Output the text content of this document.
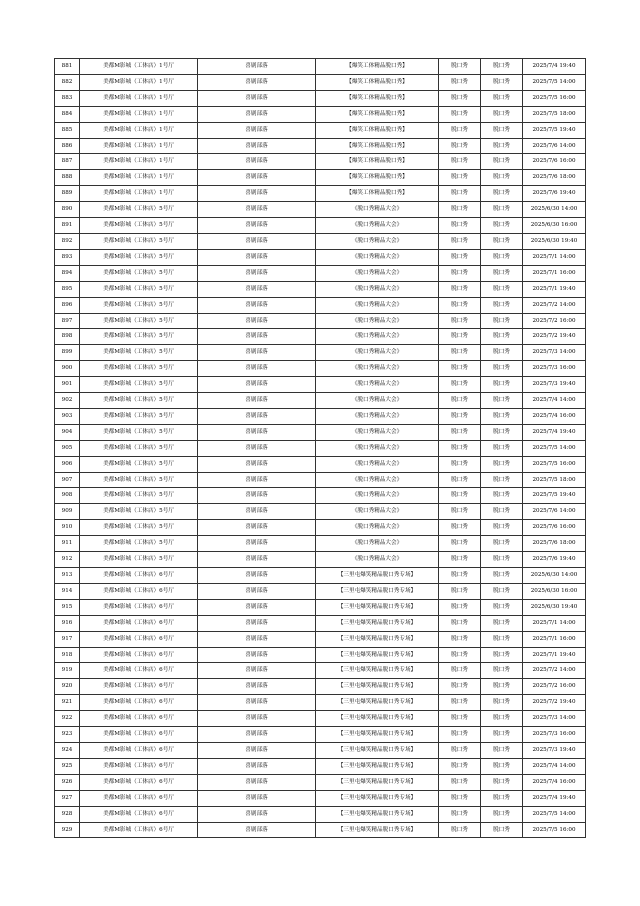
881	美都M影城（工体店）1号厅	喜剧部落	【爆笑工体精品脱口秀】	脱口秀	脱口秀	2025/7/4 19:40
882	美都M影城（工体店）1号厅	喜剧部落	【爆笑工体精品脱口秀】	脱口秀	脱口秀	2025/7/5 14:00
883	美都M影城（工体店）1号厅	喜剧部落	【爆笑工体精品脱口秀】	脱口秀	脱口秀	2025/7/5 16:00
884	美都M影城（工体店）1号厅	喜剧部落	【爆笑工体精品脱口秀】	脱口秀	脱口秀	2025/7/5 18:00
885	美都M影城（工体店）1号厅	喜剧部落	【爆笑工体精品脱口秀】	脱口秀	脱口秀	2025/7/5 19:40
886	美都M影城（工体店）1号厅	喜剧部落	【爆笑工体精品脱口秀】	脱口秀	脱口秀	2025/7/6 14:00
887	美都M影城（工体店）1号厅	喜剧部落	【爆笑工体精品脱口秀】	脱口秀	脱口秀	2025/7/6 16:00
888	美都M影城（工体店）1号厅	喜剧部落	【爆笑工体精品脱口秀】	脱口秀	脱口秀	2025/7/6 18:00
889	美都M影城（工体店）1号厅	喜剧部落	【爆笑工体精品脱口秀】	脱口秀	脱口秀	2025/7/6 19:40
890	美都M影城（工体店）5号厅	喜剧部落	《脱口秀精品大会》	脱口秀	脱口秀	2025/6/30 14:00
891	美都M影城（工体店）5号厅	喜剧部落	《脱口秀精品大会》	脱口秀	脱口秀	2025/6/30 16:00
892	美都M影城（工体店）5号厅	喜剧部落	《脱口秀精品大会》	脱口秀	脱口秀	2025/6/30 19:40
893	美都M影城（工体店）5号厅	喜剧部落	《脱口秀精品大会》	脱口秀	脱口秀	2025/7/1 14:00
894	美都M影城（工体店）5号厅	喜剧部落	《脱口秀精品大会》	脱口秀	脱口秀	2025/7/1 16:00
895	美都M影城（工体店）5号厅	喜剧部落	《脱口秀精品大会》	脱口秀	脱口秀	2025/7/1 19:40
896	美都M影城（工体店）5号厅	喜剧部落	《脱口秀精品大会》	脱口秀	脱口秀	2025/7/2 14:00
897	美都M影城（工体店）5号厅	喜剧部落	《脱口秀精品大会》	脱口秀	脱口秀	2025/7/2 16:00
898	美都M影城（工体店）5号厅	喜剧部落	《脱口秀精品大会》	脱口秀	脱口秀	2025/7/2 19:40
899	美都M影城（工体店）5号厅	喜剧部落	《脱口秀精品大会》	脱口秀	脱口秀	2025/7/3 14:00
900	美都M影城（工体店）5号厅	喜剧部落	《脱口秀精品大会》	脱口秀	脱口秀	2025/7/3 16:00
901	美都M影城（工体店）5号厅	喜剧部落	《脱口秀精品大会》	脱口秀	脱口秀	2025/7/3 19:40
902	美都M影城（工体店）5号厅	喜剧部落	《脱口秀精品大会》	脱口秀	脱口秀	2025/7/4 14:00
903	美都M影城（工体店）5号厅	喜剧部落	《脱口秀精品大会》	脱口秀	脱口秀	2025/7/4 16:00
904	美都M影城（工体店）5号厅	喜剧部落	《脱口秀精品大会》	脱口秀	脱口秀	2025/7/4 19:40
905	美都M影城（工体店）5号厅	喜剧部落	《脱口秀精品大会》	脱口秀	脱口秀	2025/7/5 14:00
906	美都M影城（工体店）5号厅	喜剧部落	《脱口秀精品大会》	脱口秀	脱口秀	2025/7/5 16:00
907	美都M影城（工体店）5号厅	喜剧部落	《脱口秀精品大会》	脱口秀	脱口秀	2025/7/5 18:00
908	美都M影城（工体店）5号厅	喜剧部落	《脱口秀精品大会》	脱口秀	脱口秀	2025/7/5 19:40
909	美都M影城（工体店）5号厅	喜剧部落	《脱口秀精品大会》	脱口秀	脱口秀	2025/7/6 14:00
910	美都M影城（工体店）5号厅	喜剧部落	《脱口秀精品大会》	脱口秀	脱口秀	2025/7/6 16:00
911	美都M影城（工体店）5号厅	喜剧部落	《脱口秀精品大会》	脱口秀	脱口秀	2025/7/6 18:00
912	美都M影城（工体店）5号厅	喜剧部落	《脱口秀精品大会》	脱口秀	脱口秀	2025/7/6 19:40
913	美都M影城（工体店）6号厅	喜剧部落	【三里屯爆笑精品脱口秀专场】	脱口秀	脱口秀	2025/6/30 14:00
914	美都M影城（工体店）6号厅	喜剧部落	【三里屯爆笑精品脱口秀专场】	脱口秀	脱口秀	2025/6/30 16:00
915	美都M影城（工体店）6号厅	喜剧部落	【三里屯爆笑精品脱口秀专场】	脱口秀	脱口秀	2025/6/30 19:40
916	美都M影城（工体店）6号厅	喜剧部落	【三里屯爆笑精品脱口秀专场】	脱口秀	脱口秀	2025/7/1 14:00
917	美都M影城（工体店）6号厅	喜剧部落	【三里屯爆笑精品脱口秀专场】	脱口秀	脱口秀	2025/7/1 16:00
918	美都M影城（工体店）6号厅	喜剧部落	【三里屯爆笑精品脱口秀专场】	脱口秀	脱口秀	2025/7/1 19:40
919	美都M影城（工体店）6号厅	喜剧部落	【三里屯爆笑精品脱口秀专场】	脱口秀	脱口秀	2025/7/2 14:00
920	美都M影城（工体店）6号厅	喜剧部落	【三里屯爆笑精品脱口秀专场】	脱口秀	脱口秀	2025/7/2 16:00
921	美都M影城（工体店）6号厅	喜剧部落	【三里屯爆笑精品脱口秀专场】	脱口秀	脱口秀	2025/7/2 19:40
922	美都M影城（工体店）6号厅	喜剧部落	【三里屯爆笑精品脱口秀专场】	脱口秀	脱口秀	2025/7/3 14:00
923	美都M影城（工体店）6号厅	喜剧部落	【三里屯爆笑精品脱口秀专场】	脱口秀	脱口秀	2025/7/3 16:00
924	美都M影城（工体店）6号厅	喜剧部落	【三里屯爆笑精品脱口秀专场】	脱口秀	脱口秀	2025/7/3 19:40
925	美都M影城（工体店）6号厅	喜剧部落	【三里屯爆笑精品脱口秀专场】	脱口秀	脱口秀	2025/7/4 14:00
926	美都M影城（工体店）6号厅	喜剧部落	【三里屯爆笑精品脱口秀专场】	脱口秀	脱口秀	2025/7/4 16:00
927	美都M影城（工体店）6号厅	喜剧部落	【三里屯爆笑精品脱口秀专场】	脱口秀	脱口秀	2025/7/4 19:40
928	美都M影城（工体店）6号厅	喜剧部落	【三里屯爆笑精品脱口秀专场】	脱口秀	脱口秀	2025/7/5 14:00
929	美都M影城（工体店）6号厅	喜剧部落	【三里屯爆笑精品脱口秀专场】	脱口秀	脱口秀	2025/7/5 16:00
